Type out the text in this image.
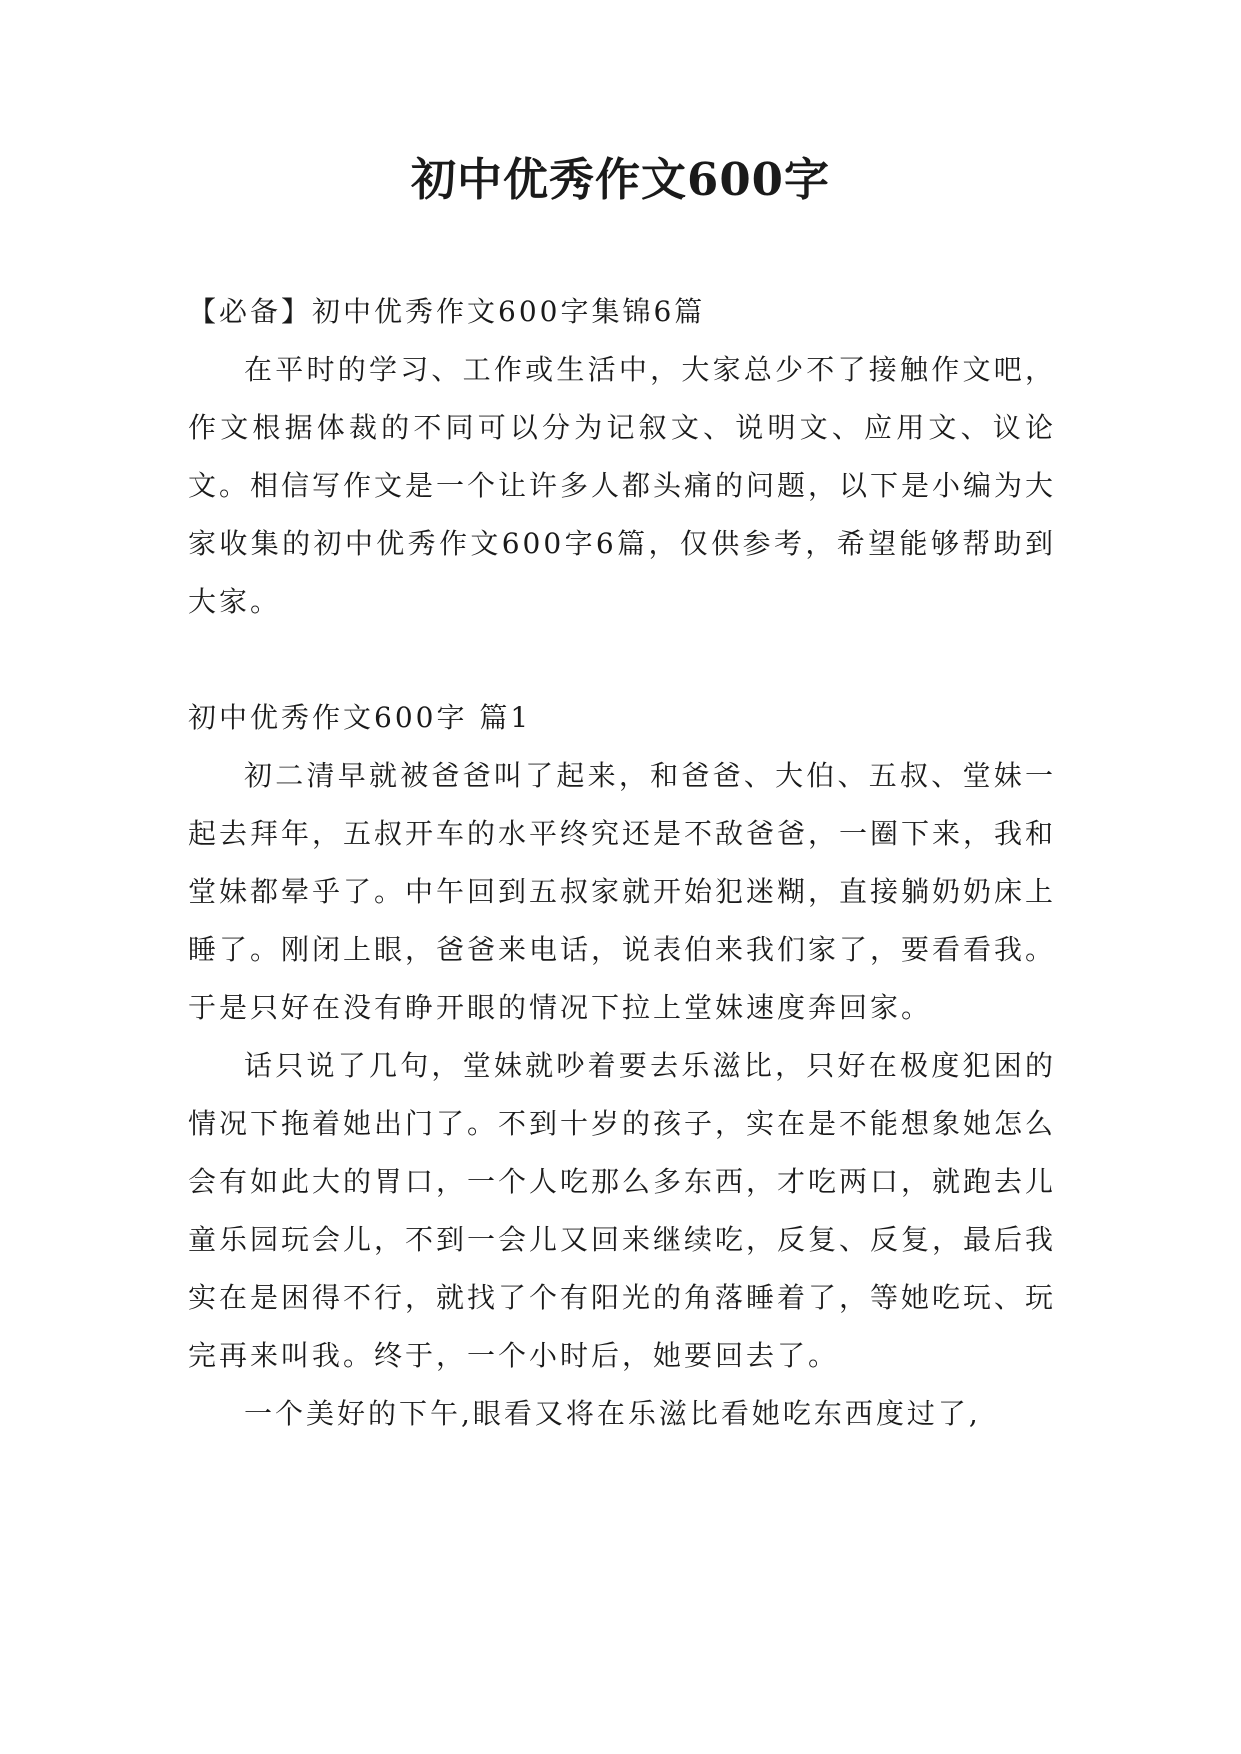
初中优秀作文600字

【必备】初中优秀作文600字集锦6篇

在平时的学习、工作或生活中，大家总少不了接触作文吧，作文根据体裁的不同可以分为记叙文、说明文、应用文、议论文。相信写作文是一个让许多人都头痛的问题，以下是小编为大家收集的初中优秀作文600字6篇，仅供参考，希望能够帮助到大家。

初中优秀作文600字 篇1

初二清早就被爸爸叫了起来，和爸爸、大伯、五叔、堂妹一起去拜年，五叔开车的水平终究还是不敌爸爸，一圈下来，我和堂妹都晕乎了。中午回到五叔家就开始犯迷糊，直接躺奶奶床上睡了。刚闭上眼，爸爸来电话，说表伯来我们家了，要看看我。于是只好在没有睁开眼的情况下拉上堂妹速度奔回家。

话只说了几句，堂妹就吵着要去乐滋比，只好在极度犯困的情况下拖着她出门了。不到十岁的孩子，实在是不能想象她怎么会有如此大的胃口，一个人吃那么多东西，才吃两口，就跑去儿童乐园玩会儿，不到一会儿又回来继续吃，反复、反复，最后我实在是困得不行，就找了个有阳光的角落睡着了，等她吃玩、玩完再来叫我。终于，一个小时后，她要回去了。

一个美好的下午,眼看又将在乐滋比看她吃东西度过了,
